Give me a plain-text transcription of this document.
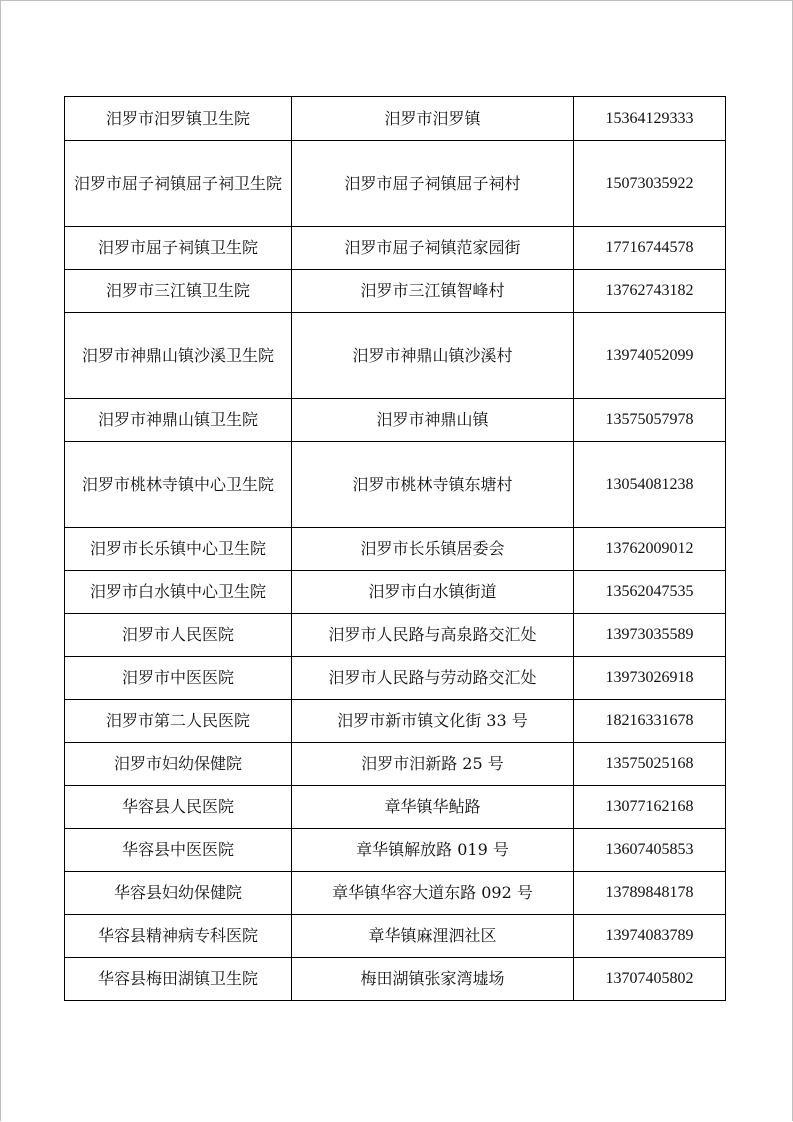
汨罗市汨罗镇卫生院	汨罗市汨罗镇	15364129333
汨罗市屈子祠镇屈子祠卫生院	汨罗市屈子祠镇屈子祠村	15073035922
汨罗市屈子祠镇卫生院	汨罗市屈子祠镇范家园街	17716744578
汨罗市三江镇卫生院	汨罗市三江镇智峰村	13762743182
汨罗市神鼎山镇沙溪卫生院	汨罗市神鼎山镇沙溪村	13974052099
汨罗市神鼎山镇卫生院	汨罗市神鼎山镇	13575057978
汨罗市桃林寺镇中心卫生院	汨罗市桃林寺镇东塘村	13054081238
汨罗市长乐镇中心卫生院	汨罗市长乐镇居委会	13762009012
汨罗市白水镇中心卫生院	汨罗市白水镇街道	13562047535
汨罗市人民医院	汨罗市人民路与高泉路交汇处	13973035589
汨罗市中医医院	汨罗市人民路与劳动路交汇处	13973026918
汨罗市第二人民医院	汨罗市新市镇文化街 33 号	18216331678
汨罗市妇幼保健院	汨罗市汨新路 25 号	13575025168
华容县人民医院	章华镇华鲇路	13077162168
华容县中医医院	章华镇解放路 019 号	13607405853
华容县妇幼保健院	章华镇华容大道东路 092 号	13789848178
华容县精神病专科医院	章华镇麻浬泗社区	13974083789
华容县梅田湖镇卫生院	梅田湖镇张家湾墟场	13707405802
